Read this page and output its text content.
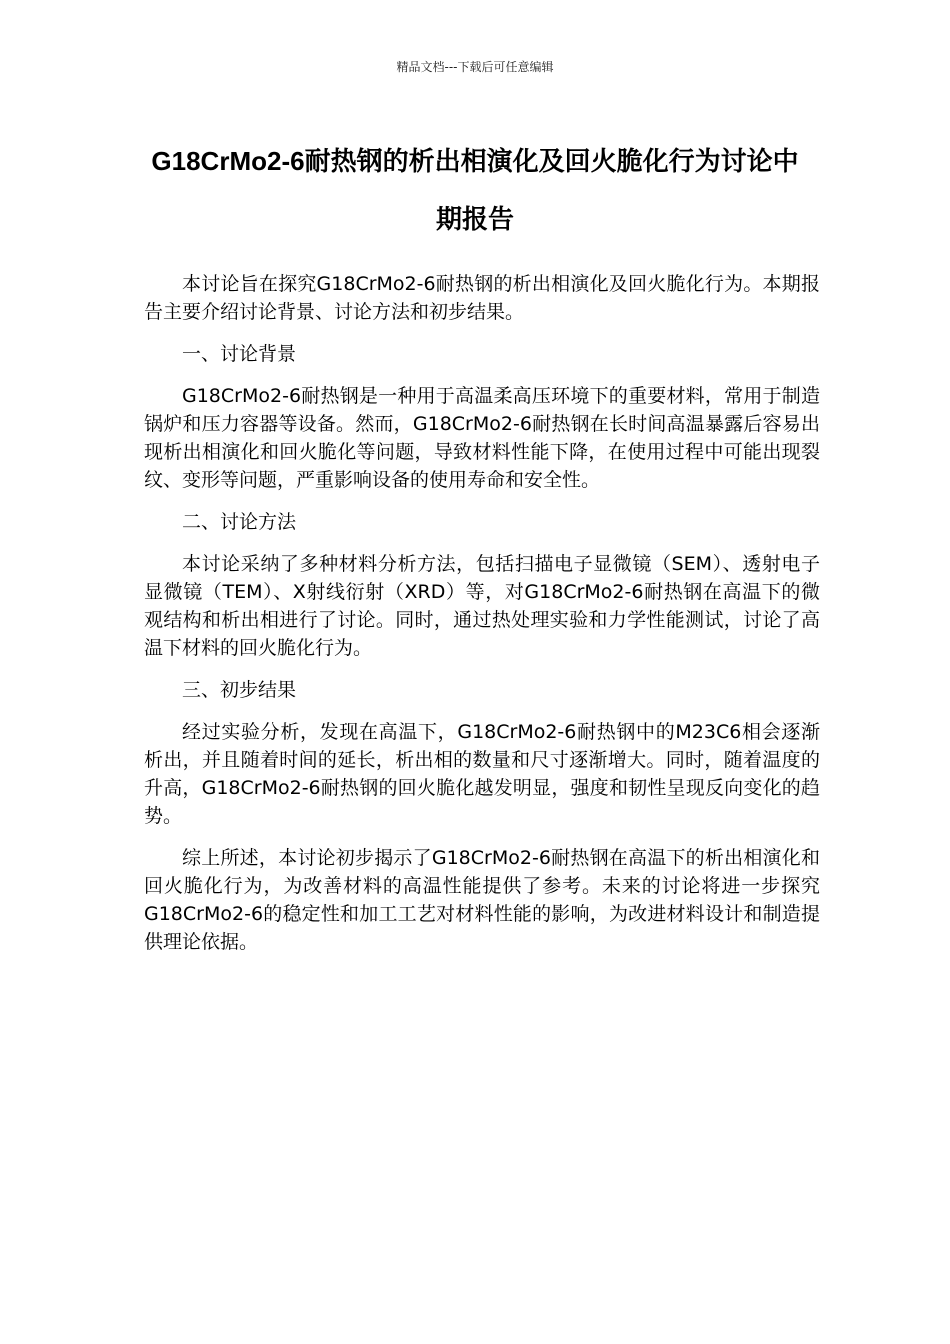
精品文档---下载后可任意编辑
G18CrMo2-6耐热钢的析出相演化及回火脆化行为讨论中期报告

本讨论旨在探究G18CrMo2-6耐热钢的析出相演化及回火脆化行为。本期报告主要介绍讨论背景、讨论方法和初步结果。

一、讨论背景

G18CrMo2-6耐热钢是一种用于高温柔高压环境下的重要材料，常用于制造锅炉和压力容器等设备。然而，G18CrMo2-6耐热钢在长时间高温暴露后容易出现析出相演化和回火脆化等问题，导致材料性能下降，在使用过程中可能出现裂纹、变形等问题，严重影响设备的使用寿命和安全性。

二、讨论方法

本讨论采纳了多种材料分析方法，包括扫描电子显微镜（SEM）、透射电子显微镜（TEM）、X射线衍射（XRD）等，对G18CrMo2-6耐热钢在高温下的微观结构和析出相进行了讨论。同时，通过热处理实验和力学性能测试，讨论了高温下材料的回火脆化行为。

三、初步结果

经过实验分析，发现在高温下，G18CrMo2-6耐热钢中的M23C6相会逐渐析出，并且随着时间的延长，析出相的数量和尺寸逐渐增大。同时，随着温度的升高，G18CrMo2-6耐热钢的回火脆化越发明显，强度和韧性呈现反向变化的趋势。

综上所述，本讨论初步揭示了G18CrMo2-6耐热钢在高温下的析出相演化和回火脆化行为，为改善材料的高温性能提供了参考。未来的讨论将进一步探究G18CrMo2-6的稳定性和加工工艺对材料性能的影响，为改进材料设计和制造提供理论依据。
